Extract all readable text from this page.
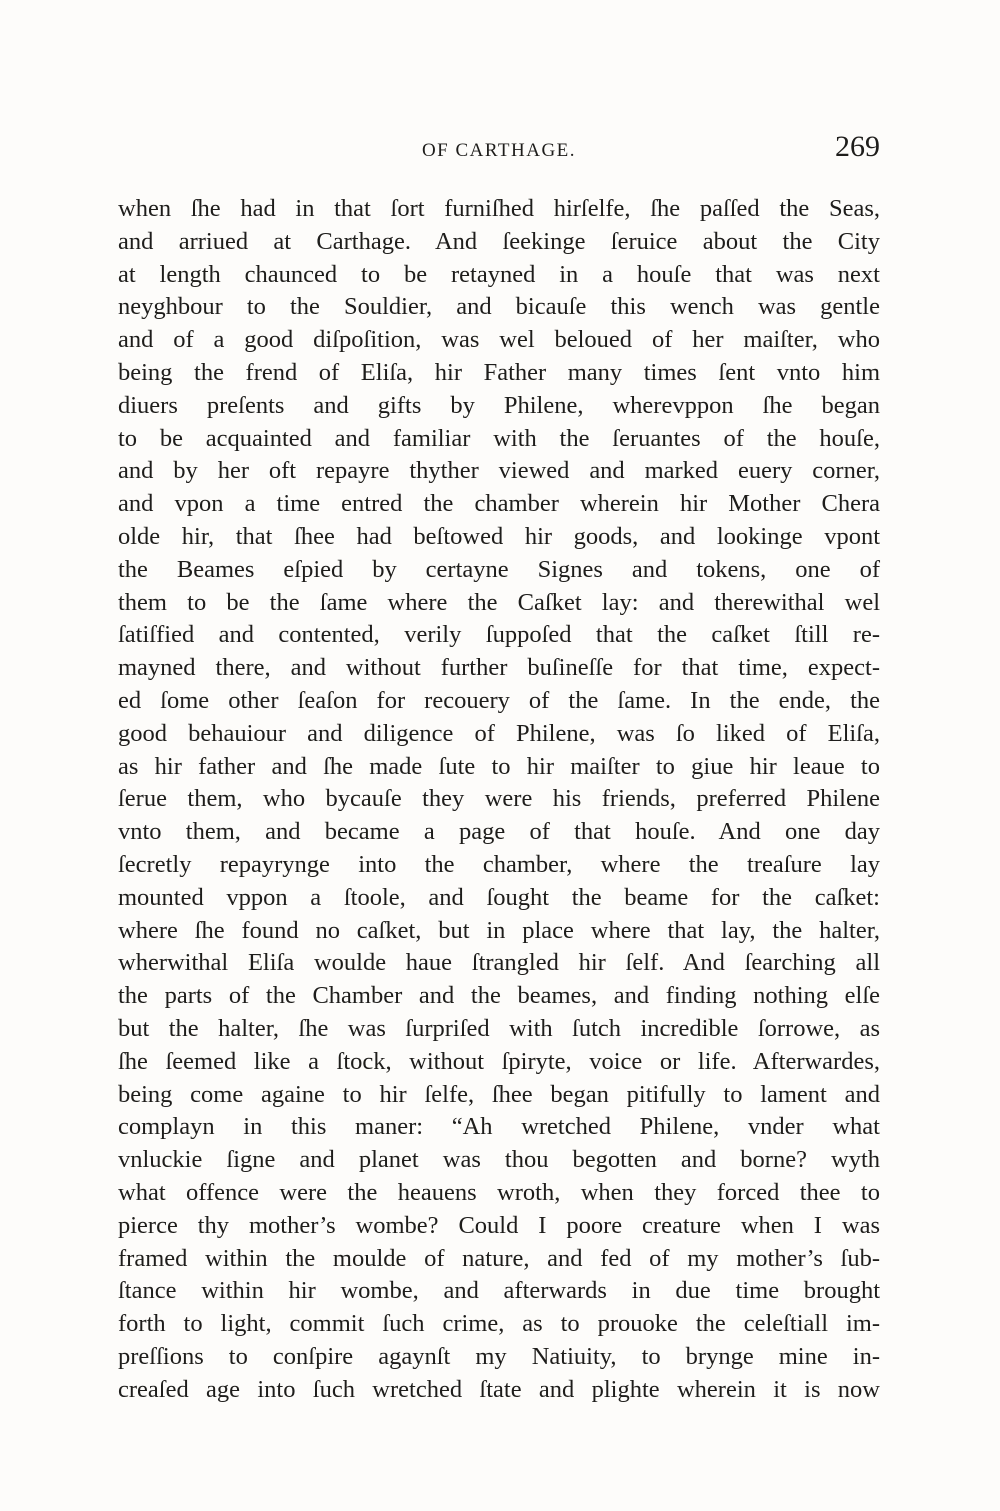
OF CARTHAGE.	269
when ſhe had in that ſort furniſhed hirſelfe, ſhe paſſed the Seas,
and arriued at Carthage. And ſeekinge ſeruice about the City
at length chaunced to be retayned in a houſe that was next
neyghbour to the Souldier, and bicauſe this wench was gentle
and of a good diſpoſition, was wel beloued of her maiſter, who
being the frend of Eliſa, hir Father many times ſent vnto him
diuers preſents and gifts by Philene, wherevppon ſhe began
to be acquainted and familiar with the ſeruantes of the houſe,
and by her oft repayre thyther viewed and marked euery corner,
and vpon a time entred the chamber wherein hir Mother Chera
olde hir, that ſhee had beſtowed hir goods, and lookinge vpont
the Beames eſpied by certayne Signes and tokens, one of
them to be the ſame where the Caſket lay: and therewithal wel
ſatiſfied and contented, verily ſuppoſed that the caſket ſtill re-
mayned there, and without further buſineſſe for that time, expect-
ed ſome other ſeaſon for recouery of the ſame. In the ende, the
good behauiour and diligence of Philene, was ſo liked of Eliſa,
as hir father and ſhe made ſute to hir maiſter to giue hir leaue to
ſerue them, who bycauſe they were his friends, preferred Philene
vnto them, and became a page of that houſe. And one day
ſecretly repayrynge into the chamber, where the treaſure lay
mounted vppon a ſtoole, and ſought the beame for the caſket:
where ſhe found no caſket, but in place where that lay, the halter,
wherwithal Eliſa woulde haue ſtrangled hir ſelf. And ſearching all
the parts of the Chamber and the beames, and finding nothing elſe
but the halter, ſhe was ſurpriſed with ſutch incredible ſorrowe, as
ſhe ſeemed like a ſtock, without ſpiryte, voice or life. Afterwardes,
being come againe to hir ſelfe, ſhee began pitifully to lament and
complayn in this maner: “Ah wretched Philene, vnder what
vnluckie ſigne and planet was thou begotten and borne? wyth
what offence were the heauens wroth, when they forced thee to
pierce thy mother’s wombe? Could I poore creature when I was
framed within the moulde of nature, and fed of my mother’s ſub-
ſtance within hir wombe, and afterwards in due time brought
forth to light, commit ſuch crime, as to prouoke the celeſtiall im-
preſſions to conſpire agaynſt my Natiuity, to brynge mine in-
creaſed age into ſuch wretched ſtate and plighte wherein it is now
